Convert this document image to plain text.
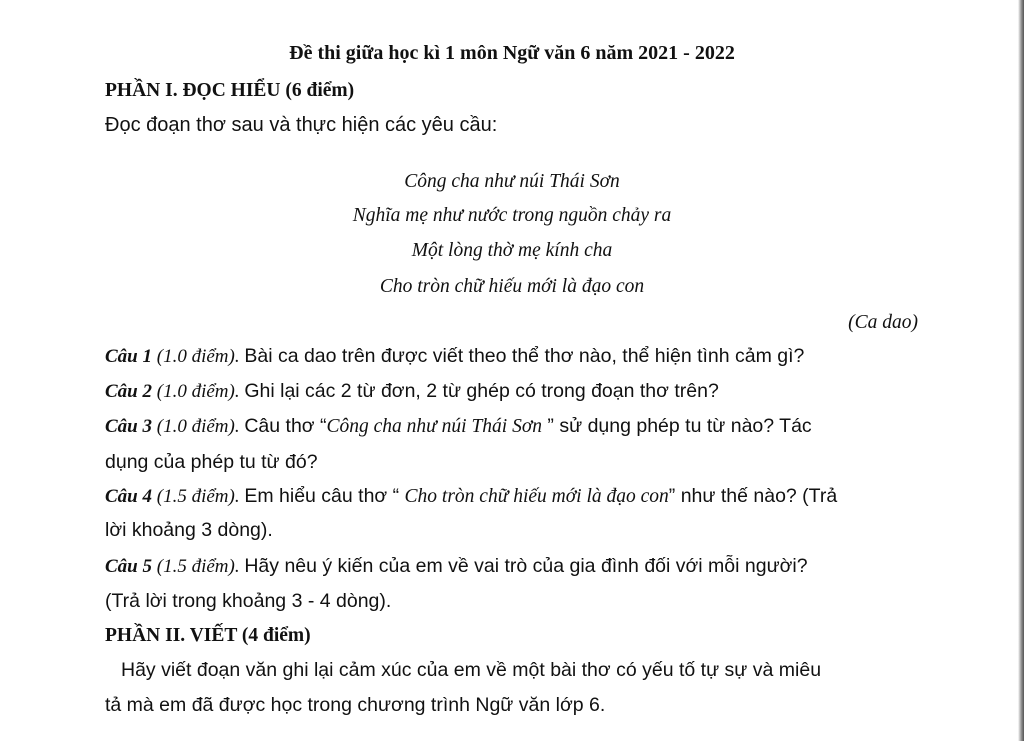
Đề thi giữa học kì 1 môn Ngữ văn 6 năm 2021 - 2022
PHẦN I. ĐỌC HIỂU (6 điểm)
Đọc đoạn thơ sau và thực hiện các yêu cầu:
Công cha như núi Thái Sơn
Nghĩa mẹ như nước trong nguồn chảy ra
Một lòng thờ mẹ kính cha
Cho tròn chữ hiếu mới là đạo con
(Ca dao)
Câu 1 (1.0 điểm). Bài ca dao trên được viết theo thể thơ nào, thể hiện tình cảm gì?
Câu 2 (1.0 điểm). Ghi lại các 2 từ đơn, 2 từ ghép có trong đoạn thơ trên?
Câu 3 (1.0 điểm). Câu thơ “Công cha như núi Thái Sơn ” sử dụng phép tu từ nào? Tác
dụng của phép tu từ đó?
Câu 4 (1.5 điểm). Em hiểu câu thơ “ Cho tròn chữ hiếu mới là đạo con” như thế nào? (Trả
lời khoảng 3 dòng).
Câu 5 (1.5 điểm). Hãy nêu ý kiến của em về vai trò của gia đình đối với mỗi người?
(Trả lời trong khoảng 3 - 4 dòng).
PHẦN II. VIẾT (4 điểm)
Hãy viết đoạn văn ghi lại cảm xúc của em về một bài thơ có yếu tố tự sự và miêu
tả mà em đã được học trong chương trình Ngữ văn lớp 6.
